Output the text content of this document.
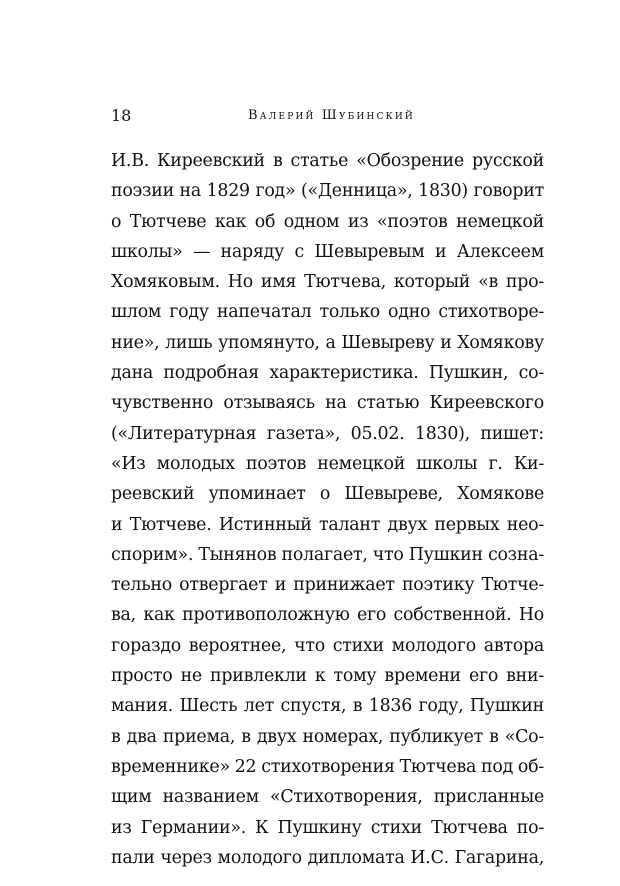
18	Валерий Шубинский
И.В. Киреевский в статье «Обозрение русской
поэзии на 1829 год» («Денница», 1830) говорит
о Тютчеве как об одном из «поэтов немецкой
школы» — наряду с Шевыревым и Алексеем
Хомяковым. Но имя Тютчева, который «в про-
шлом году напечатал только одно стихотворе-
ние», лишь упомянуто, а Шевыреву и Хомякову
дана подробная характеристика. Пушкин, со-
чувственно отзываясь на статью Киреевского
(«Литературная газета», 05.02. 1830), пишет:
«Из молодых поэтов немецкой школы г. Ки-
реевский упоминает о Шевыреве, Хомякове
и Тютчеве. Истинный талант двух первых нео-
спорим». Тынянов полагает, что Пушкин созна-
тельно отвергает и принижает поэтику Тютче-
ва, как противоположную его собственной. Но
гораздо вероятнее, что стихи молодого автора
просто не привлекли к тому времени его вни-
мания. Шесть лет спустя, в 1836 году, Пушкин
в два приема, в двух номерах, публикует в «Со-
временнике» 22 стихотворения Тютчева под об-
щим названием «Стихотворения, присланные
из Германии». К Пушкину стихи Тютчева по-
пали через молодого дипломата И.С. Гагарина,
